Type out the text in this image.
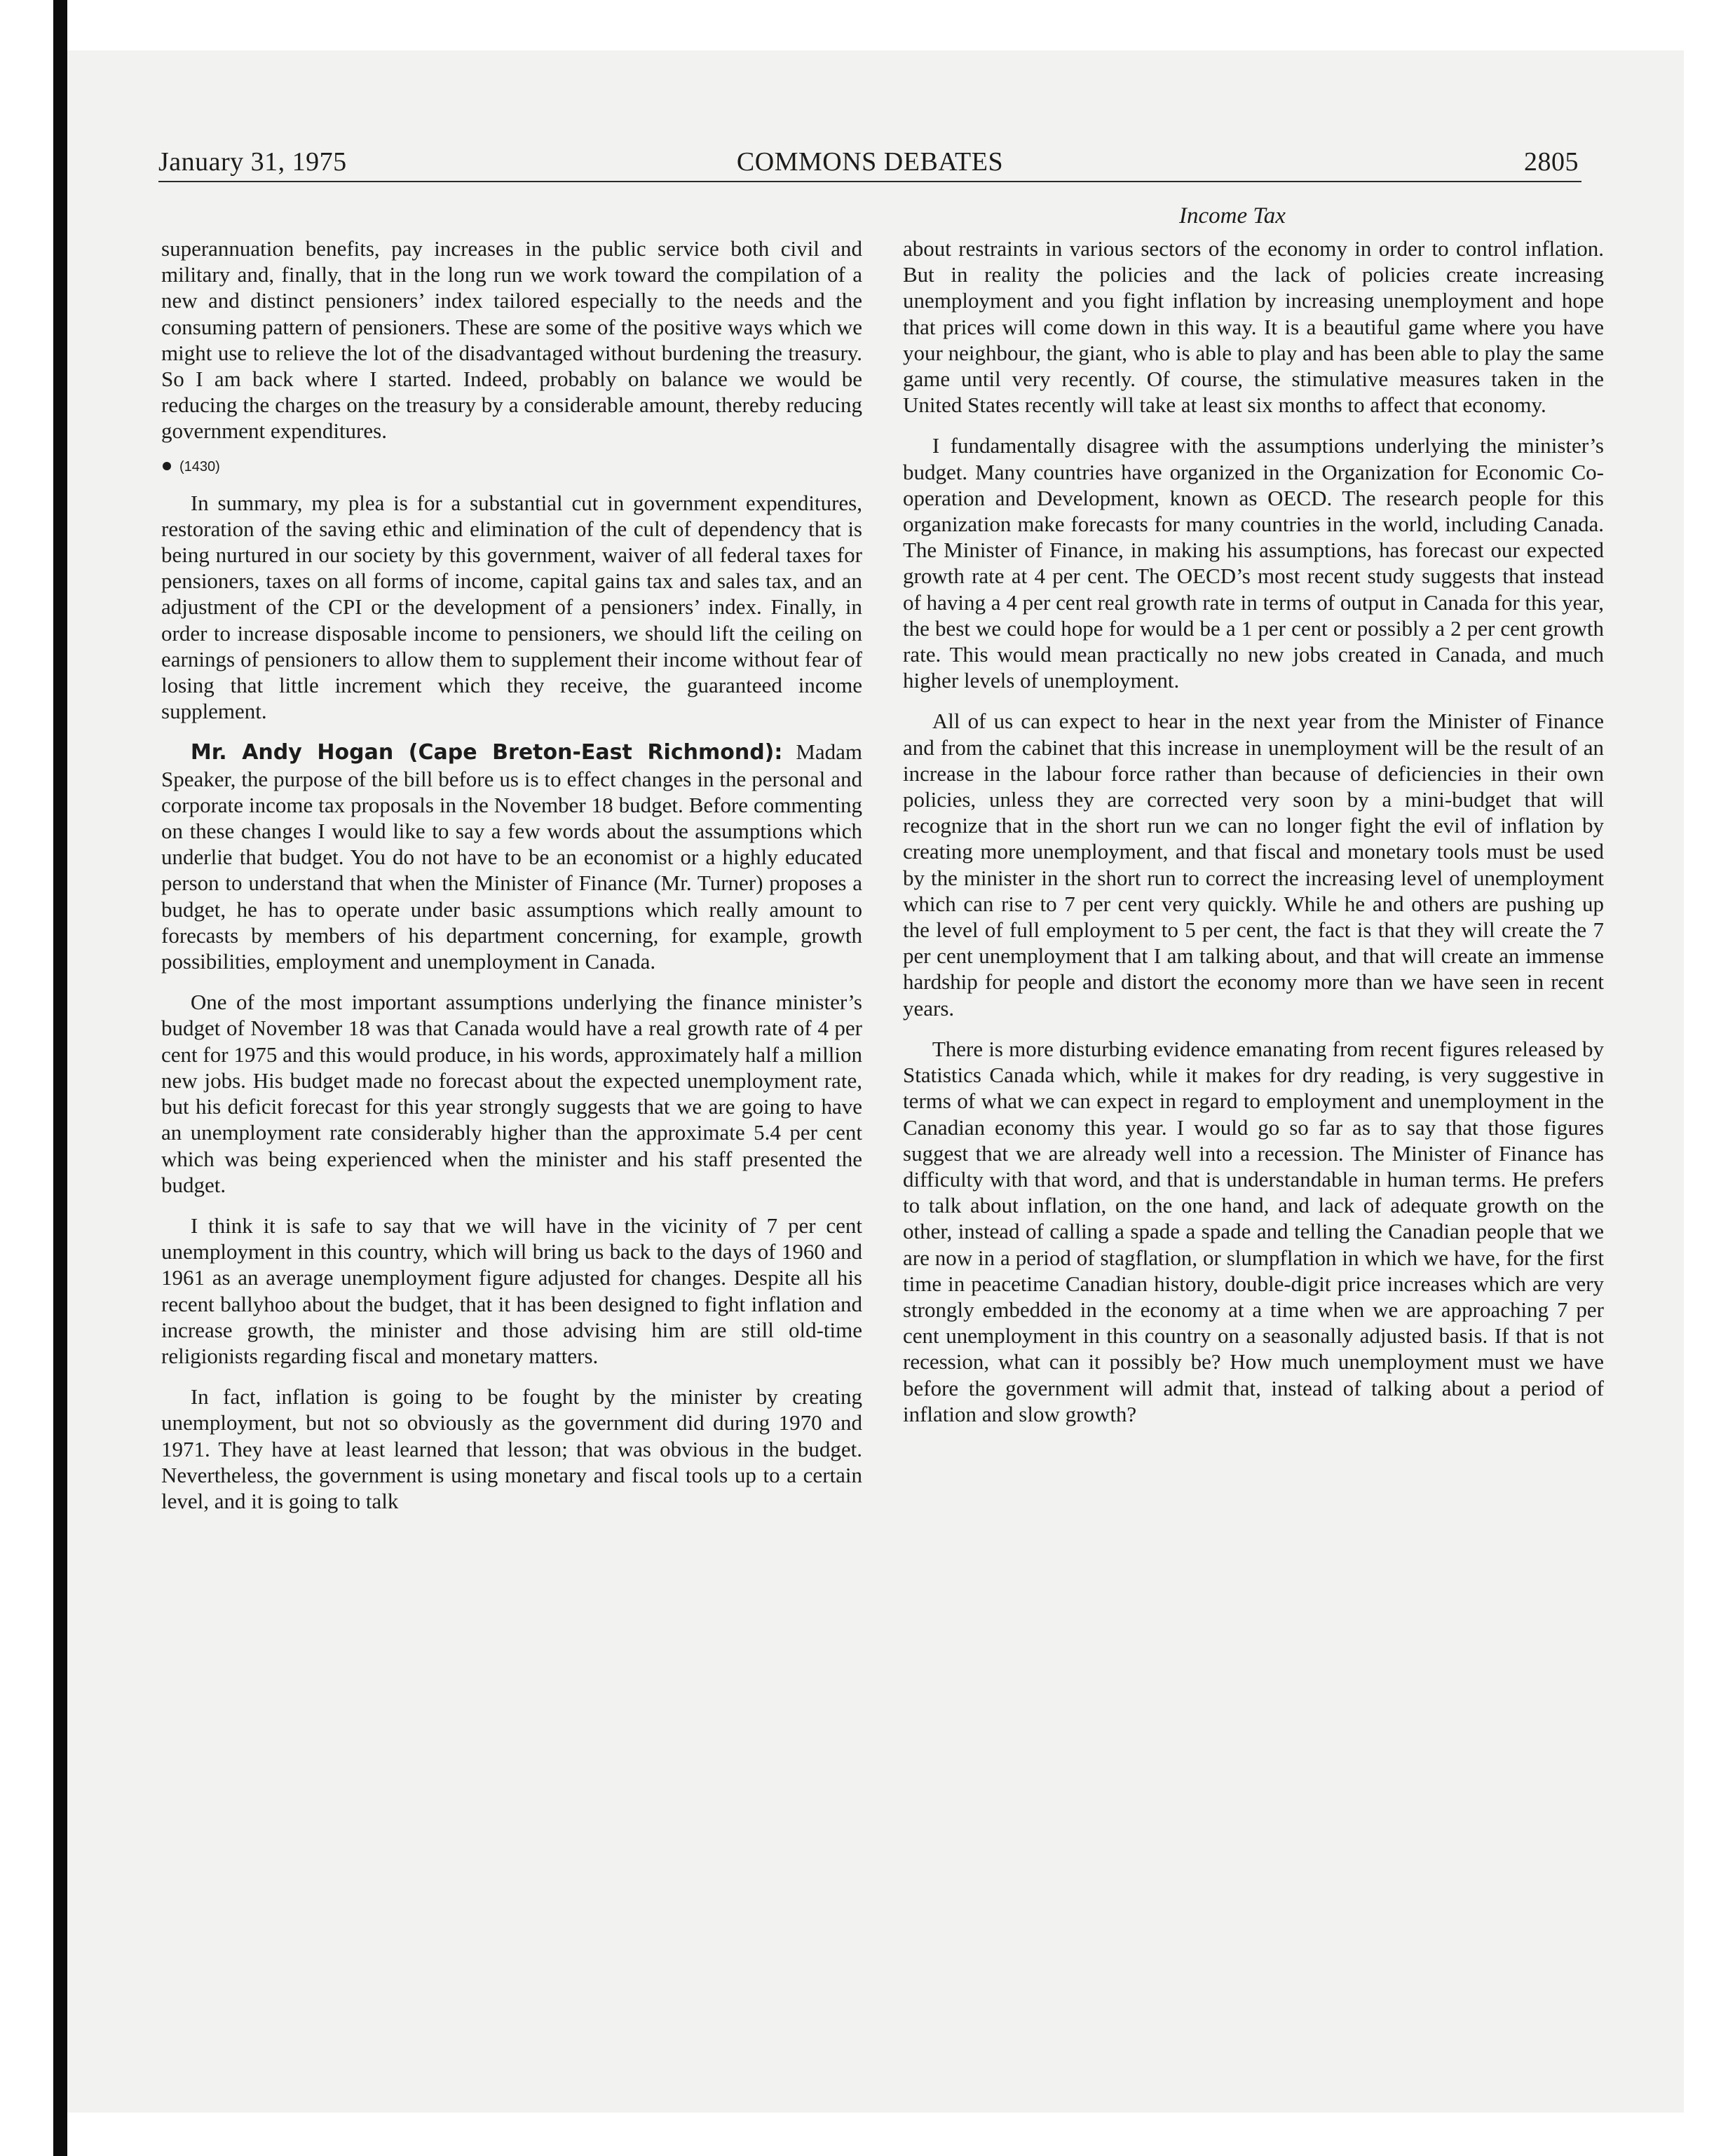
January 31, 1975	COMMONS DEBATES	2805
Income Tax

superannuation benefits, pay increases in the public service both civil and military and, finally, that in the long run we work toward the compilation of a new and distinct pensioners’ index tailored especially to the needs and the consuming pattern of pensioners. These are some of the positive ways which we might use to relieve the lot of the disadvantaged without burdening the treasury. So I am back where I started. Indeed, probably on balance we would be reducing the charges on the treasury by a considerable amount, thereby reducing government expenditures.

(1430)

In summary, my plea is for a substantial cut in government expenditures, restoration of the saving ethic and elimination of the cult of dependency that is being nurtured in our society by this government, waiver of all federal taxes for pensioners, taxes on all forms of income, capital gains tax and sales tax, and an adjustment of the CPI or the development of a pensioners’ index. Finally, in order to increase disposable income to pensioners, we should lift the ceiling on earnings of pensioners to allow them to supplement their income without fear of losing that little increment which they receive, the guaranteed income supplement.

Mr. Andy Hogan (Cape Breton-East Richmond): Madam Speaker, the purpose of the bill before us is to effect changes in the personal and corporate income tax proposals in the November 18 budget. Before commenting on these changes I would like to say a few words about the assumptions which underlie that budget. You do not have to be an economist or a highly educated person to understand that when the Minister of Finance (Mr. Turner) proposes a budget, he has to operate under basic assumptions which really amount to forecasts by members of his department concerning, for example, growth possibilities, employment and unemployment in Canada.

One of the most important assumptions underlying the finance minister’s budget of November 18 was that Canada would have a real growth rate of 4 per cent for 1975 and this would produce, in his words, approximately half a million new jobs. His budget made no forecast about the expected unemployment rate, but his deficit forecast for this year strongly suggests that we are going to have an unemployment rate considerably higher than the approximate 5.4 per cent which was being experienced when the minister and his staff presented the budget.

I think it is safe to say that we will have in the vicinity of 7 per cent unemployment in this country, which will bring us back to the days of 1960 and 1961 as an average unemployment figure adjusted for changes. Despite all his recent ballyhoo about the budget, that it has been designed to fight inflation and increase growth, the minister and those advising him are still old-time religionists regarding fiscal and monetary matters.

In fact, inflation is going to be fought by the minister by creating unemployment, but not so obviously as the government did during 1970 and 1971. They have at least learned that lesson; that was obvious in the budget. Nevertheless, the government is using monetary and fiscal tools up to a certain level, and it is going to talk

about restraints in various sectors of the economy in order to control inflation. But in reality the policies and the lack of policies create increasing unemployment and you fight inflation by increasing unemployment and hope that prices will come down in this way. It is a beautiful game where you have your neighbour, the giant, who is able to play and has been able to play the same game until very recently. Of course, the stimulative measures taken in the United States recently will take at least six months to affect that economy.

I fundamentally disagree with the assumptions underlying the minister’s budget. Many countries have organized in the Organization for Economic Co-operation and Development, known as OECD. The research people for this organization make forecasts for many countries in the world, including Canada. The Minister of Finance, in making his assumptions, has forecast our expected growth rate at 4 per cent. The OECD’s most recent study suggests that instead of having a 4 per cent real growth rate in terms of output in Canada for this year, the best we could hope for would be a 1 per cent or possibly a 2 per cent growth rate. This would mean practically no new jobs created in Canada, and much higher levels of unemployment.

All of us can expect to hear in the next year from the Minister of Finance and from the cabinet that this increase in unemployment will be the result of an increase in the labour force rather than because of deficiencies in their own policies, unless they are corrected very soon by a mini-budget that will recognize that in the short run we can no longer fight the evil of inflation by creating more unemployment, and that fiscal and monetary tools must be used by the minister in the short run to correct the increasing level of unemployment which can rise to 7 per cent very quickly. While he and others are pushing up the level of full employment to 5 per cent, the fact is that they will create the 7 per cent unemployment that I am talking about, and that will create an immense hardship for people and distort the economy more than we have seen in recent years.

There is more disturbing evidence emanating from recent figures released by Statistics Canada which, while it makes for dry reading, is very suggestive in terms of what we can expect in regard to employment and unemployment in the Canadian economy this year. I would go so far as to say that those figures suggest that we are already well into a recession. The Minister of Finance has difficulty with that word, and that is understandable in human terms. He prefers to talk about inflation, on the one hand, and lack of adequate growth on the other, instead of calling a spade a spade and telling the Canadian people that we are now in a period of stagflation, or slumpflation in which we have, for the first time in peacetime Canadian history, double-digit price increases which are very strongly embedded in the economy at a time when we are approaching 7 per cent unemployment in this country on a seasonally adjusted basis. If that is not recession, what can it possibly be? How much unemployment must we have before the government will admit that, instead of talking about a period of inflation and slow growth?
